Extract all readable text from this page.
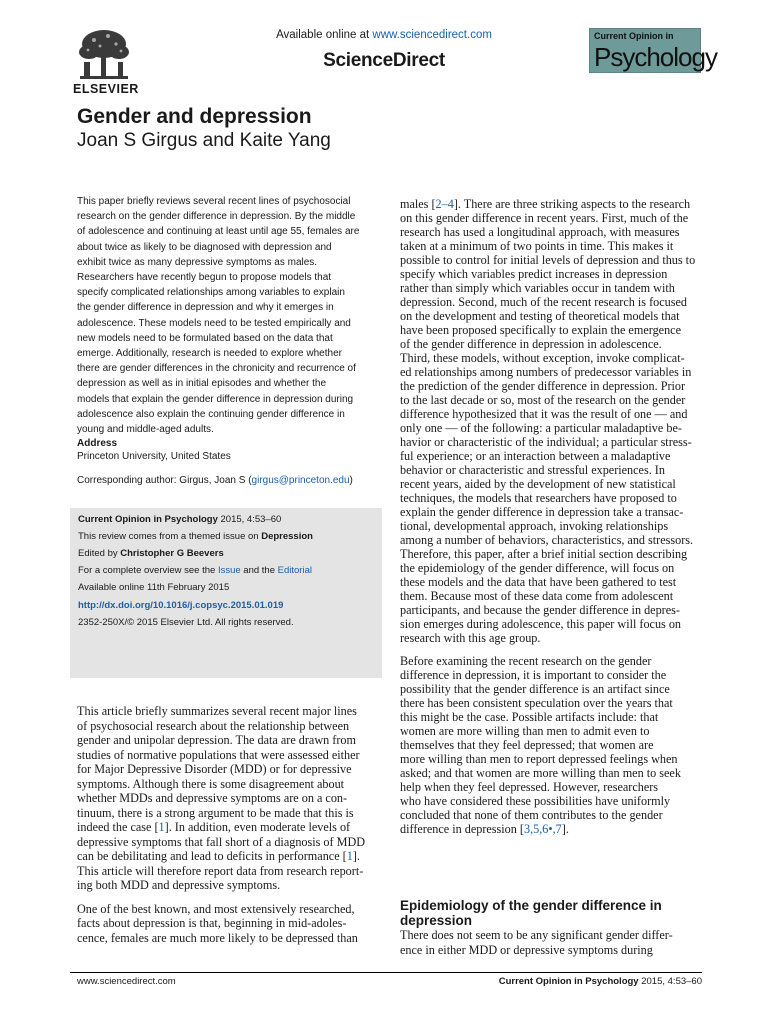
ELSEVIER
Available online at www.sciencedirect.com
ScienceDirect
Current Opinion in
Psychology
Gender and depression
Joan S Girgus and Kaite Yang
This paper briefly reviews several recent lines of psychosocial
research on the gender difference in depression. By the middle
of adolescence and continuing at least until age 55, females are
about twice as likely to be diagnosed with depression and
exhibit twice as many depressive symptoms as males.
Researchers have recently begun to propose models that
specify complicated relationships among variables to explain
the gender difference in depression and why it emerges in
adolescence. These models need to be tested empirically and
new models need to be formulated based on the data that
emerge. Additionally, research is needed to explore whether
there are gender differences in the chronicity and recurrence of
depression as well as in initial episodes and whether the
models that explain the gender difference in depression during
adolescence also explain the continuing gender difference in
young and middle-aged adults.
Address
Princeton University, United States
Corresponding author: Girgus, Joan S (girgus@princeton.edu)
Current Opinion in Psychology 2015, 4:53–60
This review comes from a themed issue on Depression
Edited by Christopher G Beevers
For a complete overview see the Issue and the Editorial
Available online 11th February 2015
http://dx.doi.org/10.1016/j.copsyc.2015.01.019
2352-250X/© 2015 Elsevier Ltd. All rights reserved.
This article briefly summarizes several recent major lines
of psychosocial research about the relationship between
gender and unipolar depression. The data are drawn from
studies of normative populations that were assessed either
for Major Depressive Disorder (MDD) or for depressive
symptoms. Although there is some disagreement about
whether MDDs and depressive symptoms are on a con-
tinuum, there is a strong argument to be made that this is
indeed the case [1]. In addition, even moderate levels of
depressive symptoms that fall short of a diagnosis of MDD
can be debilitating and lead to deficits in performance [1].
This article will therefore report data from research report-
ing both MDD and depressive symptoms.
One of the best known, and most extensively researched,
facts about depression is that, beginning in mid-adoles-
cence, females are much more likely to be depressed than
males [2–4]. There are three striking aspects to the research
on this gender difference in recent years. First, much of the
research has used a longitudinal approach, with measures
taken at a minimum of two points in time. This makes it
possible to control for initial levels of depression and thus to
specify which variables predict increases in depression
rather than simply which variables occur in tandem with
depression. Second, much of the recent research is focused
on the development and testing of theoretical models that
have been proposed specifically to explain the emergence
of the gender difference in depression in adolescence.
Third, these models, without exception, invoke complicat-
ed relationships among numbers of predecessor variables in
the prediction of the gender difference in depression. Prior
to the last decade or so, most of the research on the gender
difference hypothesized that it was the result of one — and
only one — of the following: a particular maladaptive be-
havior or characteristic of the individual; a particular stress-
ful experience; or an interaction between a maladaptive
behavior or characteristic and stressful experiences. In
recent years, aided by the development of new statistical
techniques, the models that researchers have proposed to
explain the gender difference in depression take a transac-
tional, developmental approach, invoking relationships
among a number of behaviors, characteristics, and stressors.
Therefore, this paper, after a brief initial section describing
the epidemiology of the gender difference, will focus on
these models and the data that have been gathered to test
them. Because most of these data come from adolescent
participants, and because the gender difference in depres-
sion emerges during adolescence, this paper will focus on
research with this age group.
Before examining the recent research on the gender
difference in depression, it is important to consider the
possibility that the gender difference is an artifact since
there has been consistent speculation over the years that
this might be the case. Possible artifacts include: that
women are more willing than men to admit even to
themselves that they feel depressed; that women are
more willing than men to report depressed feelings when
asked; and that women are more willing than men to seek
help when they feel depressed. However, researchers
who have considered these possibilities have uniformly
concluded that none of them contributes to the gender
difference in depression [3,5,6•,7].
Epidemiology of the gender difference in
depression
There does not seem to be any significant gender differ-
ence in either MDD or depressive symptoms during
www.sciencedirect.com	Current Opinion in Psychology 2015, 4:53–60
